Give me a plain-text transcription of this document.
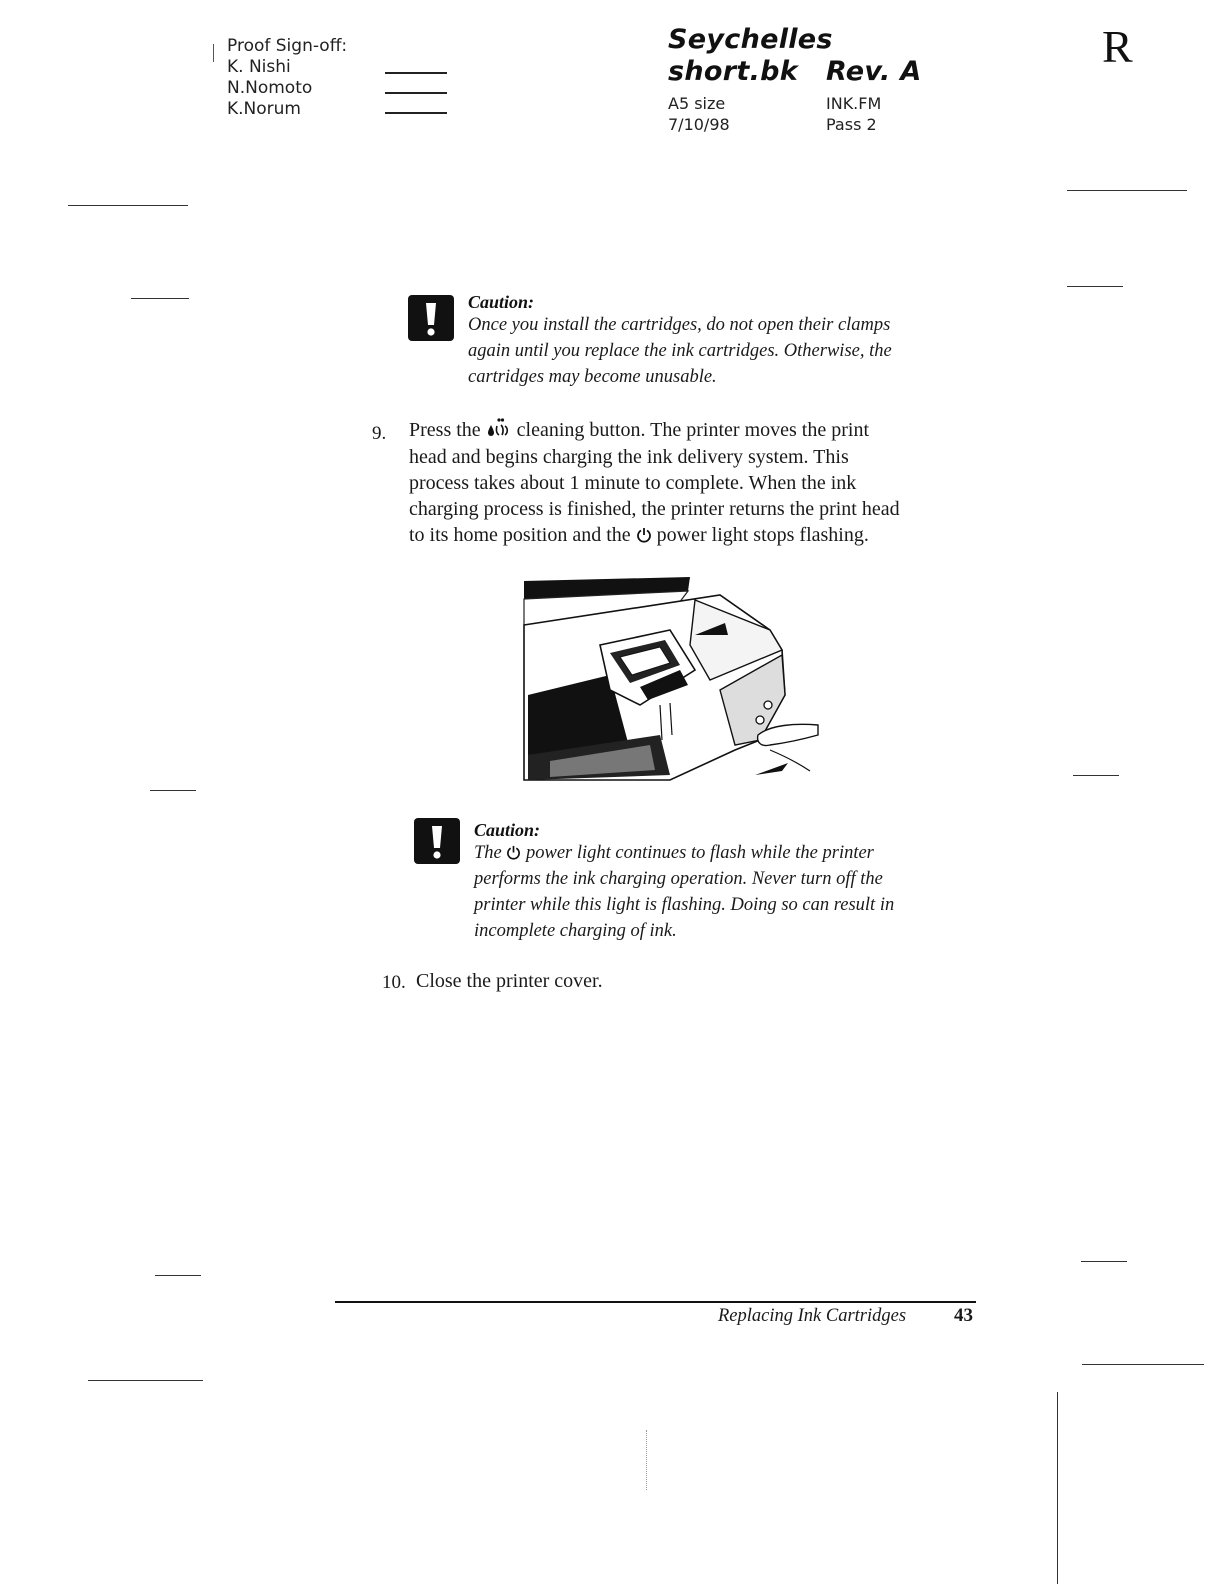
Proof Sign-off:
K. Nishi
N.Nomoto
K.Norum
Seychelles
short.bk Rev. A
A5 size
7/10/98
INK.FM
Pass 2
R
Caution:
Once you install the cartridges, do not open their clamps
again until you replace the ink cartridges. Otherwise, the
cartridges may become unusable.
9. Press the  cleaning button. The printer moves the print
head and begins charging the ink delivery system. This
process takes about 1 minute to complete. When the ink
charging process is finished, the printer returns the print head
to its home position and the  power light stops flashing.
Caution:
The  power light continues to flash while the printer
performs the ink charging operation. Never turn off the
printer while this light is flashing. Doing so can result in
incomplete charging of ink.
10. Close the printer cover.
Replacing Ink Cartridges	43
